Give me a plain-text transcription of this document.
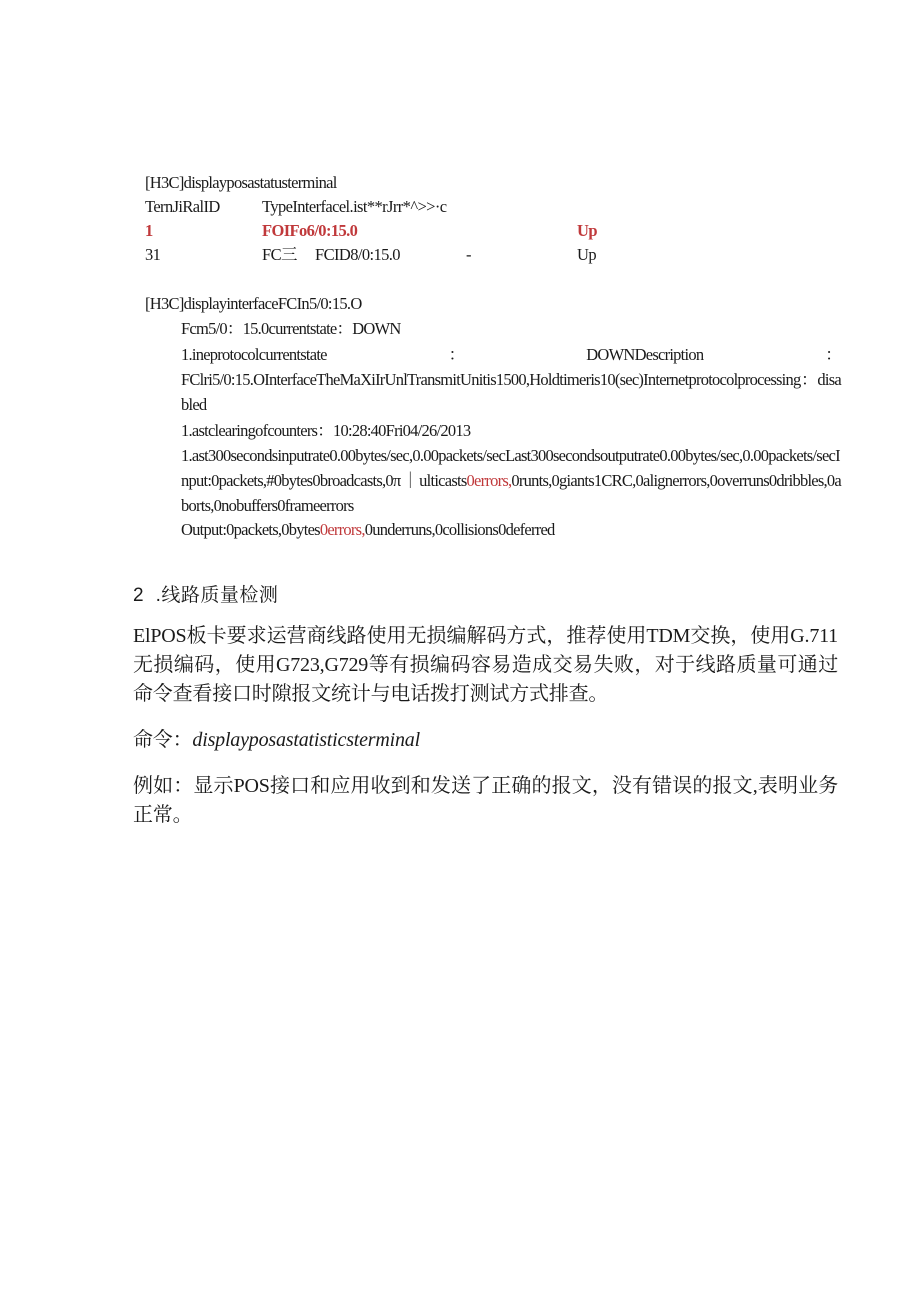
[H3C]displayposastatusterminal
TernJiRalID	TypeInterfacel.ist**rJrr*^>>·c
1	FOIFo6/0:15.0	Up
31	FC三 FCID8/0:15.0	-	Up
[H3C]displayinterfaceFCIn5/0:15.O
Fcm5/0：15.0currentstate：DOWN
1.ineprotocolcurrentstate	：	DOWNDescription	：
FClri5/0:15.OInterfaceTheMaXiIrUnlTransmitUnitis1500,Holdtimeris10(sec)Internetprotocolprocessing：disabled
1.astclearingofcounters：10:28:40Fri04/26/2013
1.ast300secondsinputrate0.00bytes/sec,0.00packets/secLast300secondsoutputrate0.00bytes/sec,0.00packets/secInput:0packets,#0bytes0broadcasts,0π｜ulticasts0errors,0runts,0giants1CRC,0alignerrors,0overruns0dribbles,0aborts,0nobuffers0frameerrors
Output:0packets,0bytes0errors,0underruns,0collisions0deferred
2 .线路质量检测
ElPOS板卡要求运营商线路使用无损编解码方式，推荐使用TDM交换，使用G.711无损编码，使用G723,G729等有损编码容易造成交易失败，对于线路质量可通过命令查看接口时隙报文统计与电话拨打测试方式排查。
命令：displayposastatisticsterminal
例如：显示POS接口和应用收到和发送了正确的报文，没有错误的报文,表明业务正常。
